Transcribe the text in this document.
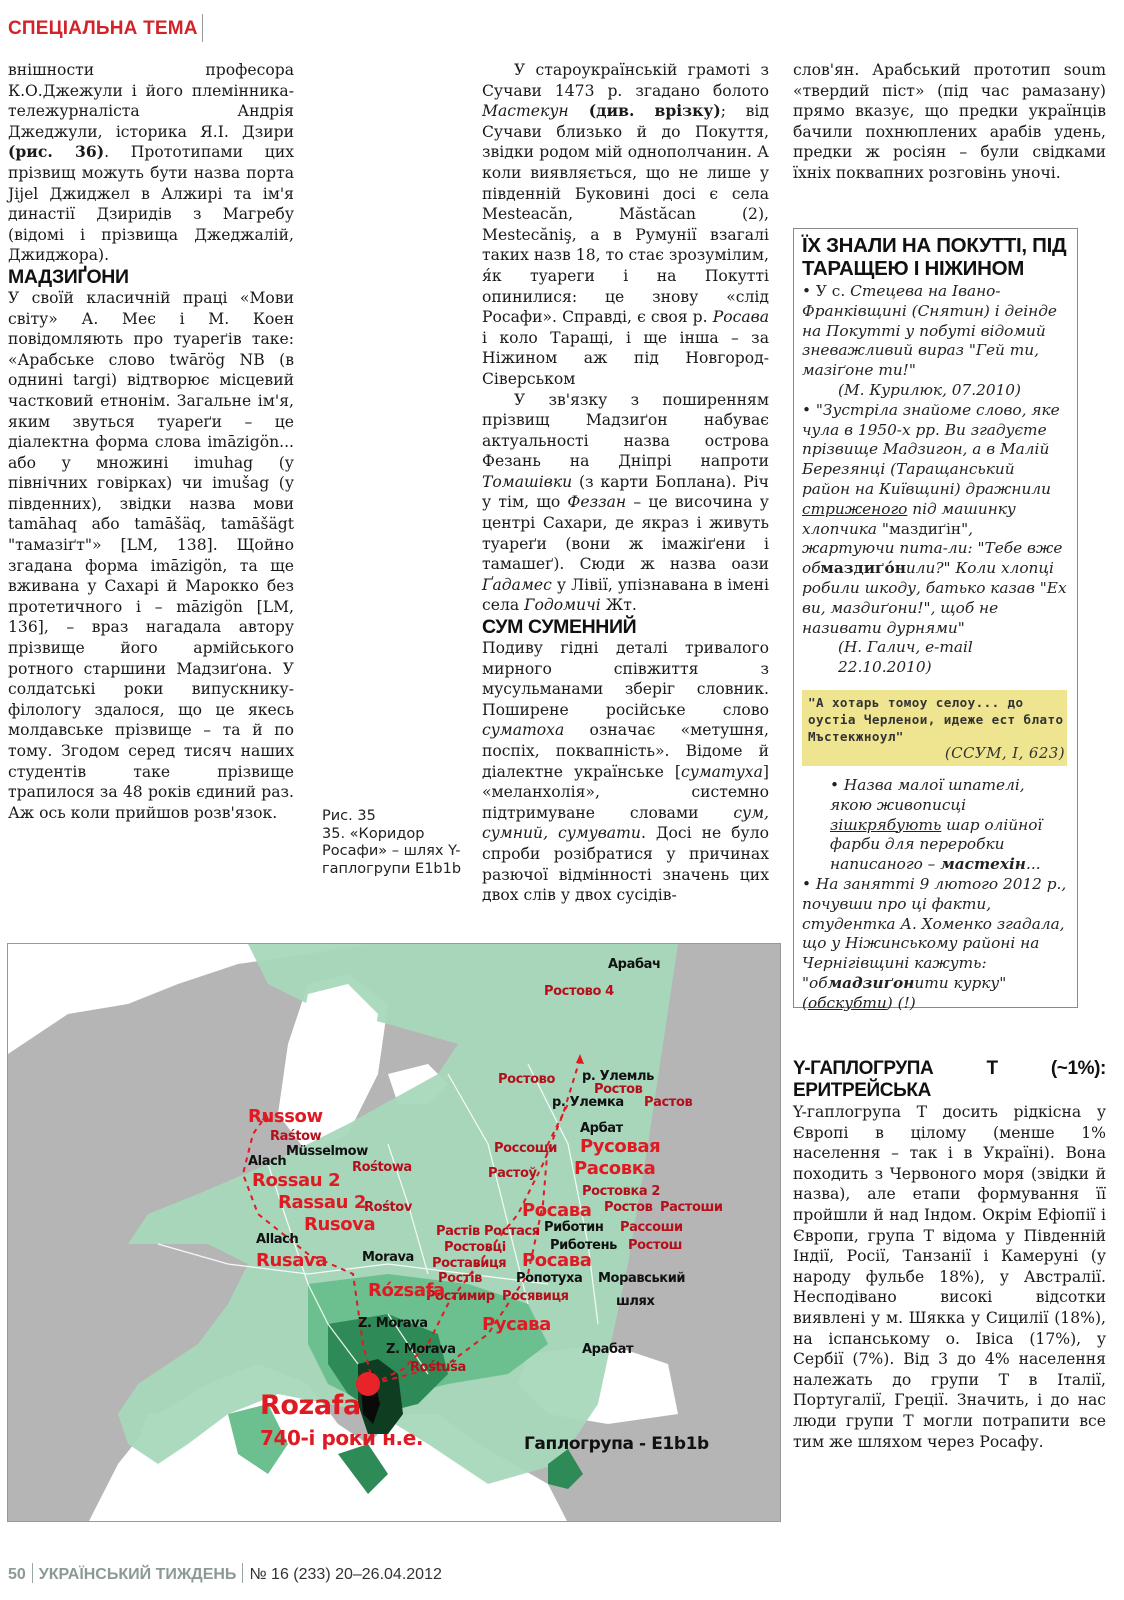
СПЕЦІАЛЬНА ТЕМА

внішности професора К.О.Джежули і його племінника-тележурналіста Андрія Джеджули, історика Я.І. Дзири (рис. 36). Прототипами цих прізвищ можуть бути назва порта Jijel Джиджел в Алжирі та ім'я династії Дзиридів з Магребу (відомі і прізвища Джеджалій, Джиджора).

МАДЗИҐОНИ

У своїй класичній праці «Мови світу» А. Меє і М. Коен повідомляють про туареґів таке: «Арабське слово twārög NB (в однині targi) відтворює місцевий частковий етнонім. Загальне ім'я, яким звуться туареґи – це діалектна форма слова imāzigön... або у множині imuhag (у північних говірках) чи imušag (у південних), звідки назва мови tamāhaq або tamāšäq, tamāšägt "тамазіґт"» [LM, 138]. Щойно згадана форма imāzigön, та ще вживана у Сахарі й Марокко без протетичного і – māzigön [LM, 136], – враз нагадала автору прізвище його армійського ротного старшини Мадзиґона. У солдатські роки випускнику-філологу здалося, що це якесь молдавське прізвище – та й по тому. Згодом серед тисяч наших студентів таке прізвище трапилося за 48 років єдиний раз. Аж ось коли прийшов розв'язок.	Рис. 35
35. «Коридор Росафи» – шлях Y-гаплогрупи E1b1b

У староукраїнській грамоті з Сучави 1473 р. згадано болото Мастекун (див. врізку); від Сучави близько й до Покуття, звідки родом мій однополчанин. А коли виявляється, що не лише у південній Буковині досі є села Mesteacăn, Măstăcan (2), Mestecăniş, а в Румунії взагалі таких назв 18, то стає зрозумілим, я́к туареги і на Покутті опинилися: це знову «слід Росафи». Справді, є своя р. Росава і коло Таращі, і ще інша – за Ніжином аж під Новгород-Сіверськом

У зв'язку з поширенням прізвищ Мадзиґон набуває актуальності назва острова Фезань на Дніпрі напроти Томашівки (з карти Боплана). Річ у тім, що Феззан – це височина у центрі Сахари, де якраз і живуть туареґи (вони ж імажіґени і тамашеґ). Сюди ж назва оази Ґадамес у Лівії, упізнавана в імені села Годомичі Жт.

СУМ СУМЕННИЙ

Подиву гідні деталі тривалого мирного співжиття з мусульманами зберіг словник. Поширене російське слово суматоха означає «метушня, поспіх, поквапність». Відоме й діалектне українське [суматуха] «меланхолія», системно підтримуване словами сум, сумний, сумувати. Досі не було спроби розібратися у причинах разючої відмінності значень цих двох слів у двох сусідів-

слов'ян. Арабський прототип soum «твердий піст» (під час рамазану) прямо вказує, що предки українців бачили похнюплених арабів удень, предки ж росіян – були свідками їхніх поквапних розговінь уночі.

ЇХ ЗНАЛИ НА ПОКУТТІ, ПІД ТАРАЩЕЮ І НІЖИНОМ
• У с. Стецева на Івано-Франківщині (Снятин) і деінде на Покутті у побуті відомий зневажливий вираз "Гей ти, мазіґоне ти!"
(М. Курилюк, 07.2010)
• "Зустріла знайоме слово, яке чула в 1950-х рр. Ви згадуєте прізвище Мадзигон, а в Малій Березянці (Таращанський район на Київщині) дражнили стриженого під машинку хлопчика "маздиґін", жартуючи пита-ли: "Тебе вже обмаздиґóнили?" Коли хлопці робили шкоду, батько казав "Ех ви, маздиґони!", щоб не називати дурнями"
(Н. Галич, e-mail 22.10.2010)
"А хотарь томоу селоу... до оустіа Черленои, идеже ест блато Мъстекжноул"
(ССУМ, I, 623)
• Назва малої шпателі, якою живописці зішкрябують шар олійної фарби для переробки написаного – мастехін...
• На занятті 9 лютого 2012 р., почувши про ці факти, студентка А. Хоменко згадала, що у Ніжинському районі на Чернігівщині кажуть: "обмадзиґонити курку" (обскубти) (!)
Y-ГАПЛОГРУПА T (~1%): ЕРИТРЕЙСЬКА

Y-гаплогрупа T досить рідкісна у Європі в цілому (менше 1% населення – так і в Україні). Вона походить з Червоного моря (звідки й назва), але етапи формування її пройшли й над Індом. Окрім Ефіопії і Європи, група T відома у Південній Індії, Росії, Танзанії і Камеруні (у народу фульбе 18%), у Австралії. Несподівано високі відсотки виявлені у м. Шякка у Сицилії (18%), на іспанському о. Івіса (17%), у Сербії (7%). Від 3 до 4% населення належать до групи T в Італії, Португалії, Греції. Значить, і до нас люди групи T могли потрапити все тим же шляхом через Росафу.

Арабач
Ростово 4
Ростово р. Улемль
Ростов
р. Улемка Растов
Арбат
Россоши Русовая
Растоў Расовка
Ростовка 2
Ростов Растоши
Росава
Рибoтин Рассоши
Растів Ростася
Рибoтень Ростош
Ростовці
Роставиця Росава
Ростів	Ропотуха Моравський
Ростимир Росявиця	шлях
Русава
Арабат
Russow
Raśtow
Müsselmow
Alach	Rośtowa
Rossau 2
Rassau 2
Rośtov
Rusova
Allach
Morava
Rusava
Rózsafa
Z. Morava
Z. Morava
Rośtuša
Rozafa
740-і роки н.е.	Гаплогрупа - E1b1b
50 УКРАЇНСЬКИЙ ТИЖДЕНЬ № 16 (233) 20–26.04.2012
